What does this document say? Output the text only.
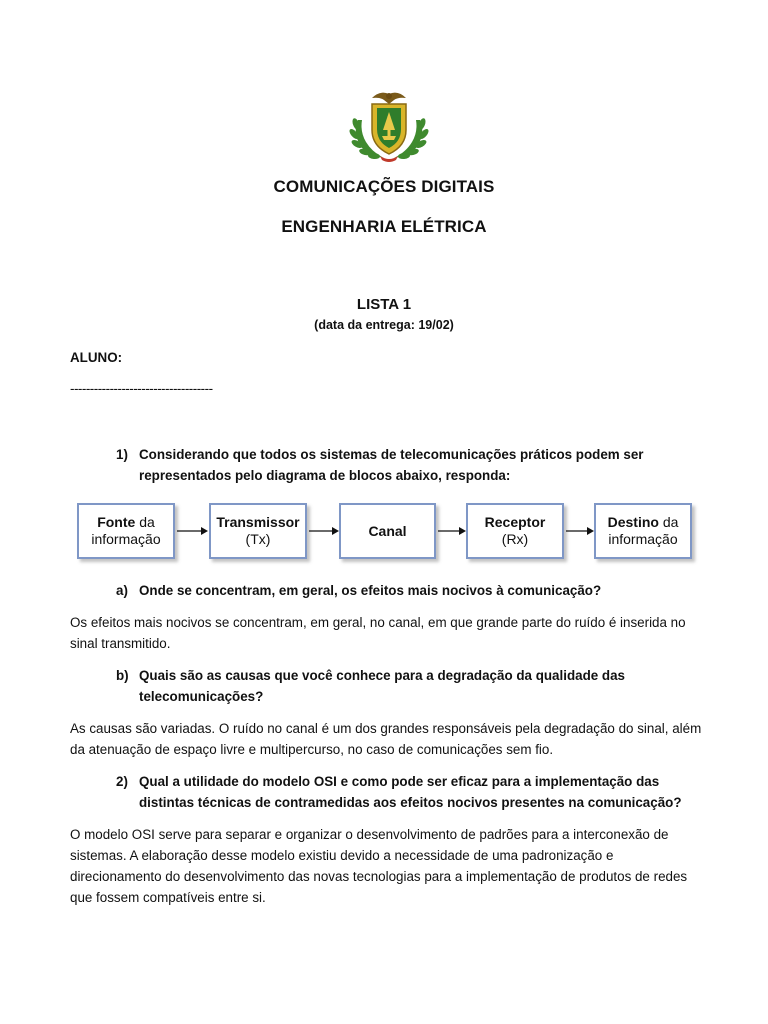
COMUNICAÇÕES DIGITAIS
ENGENHARIA ELÉTRICA
LISTA 1
(data da entrega: 19/02)
ALUNO:
------------------------------------
1) Considerando que todos os sistemas de telecomunicações práticos podem ser representados pelo diagrama de blocos abaixo, responda:
Fonte da
informação
Transmissor
(Tx)
Canal
Receptor
(Rx)
Destino da
informação
a) Onde se concentram, em geral, os efeitos mais nocivos à comunicação?
Os efeitos mais nocivos se concentram, em geral, no canal, em que grande parte do ruído é inserida no sinal transmitido.
b) Quais são as causas que você conhece para a degradação da qualidade das telecomunicações?
As causas são variadas. O ruído no canal é um dos grandes responsáveis pela degradação do sinal, além da atenuação de espaço livre e multipercurso, no caso de comunicações sem fio.
2) Qual a utilidade do modelo OSI e como pode ser eficaz para a implementação das distintas técnicas de contramedidas aos efeitos nocivos presentes na comunicação?
O modelo OSI serve para separar e organizar o desenvolvimento de padrões para a interconexão de sistemas. A elaboração desse modelo existiu devido a necessidade de uma padronização e direcionamento do desenvolvimento das novas tecnologias para a implementação de produtos de redes que fossem compatíveis entre si.
